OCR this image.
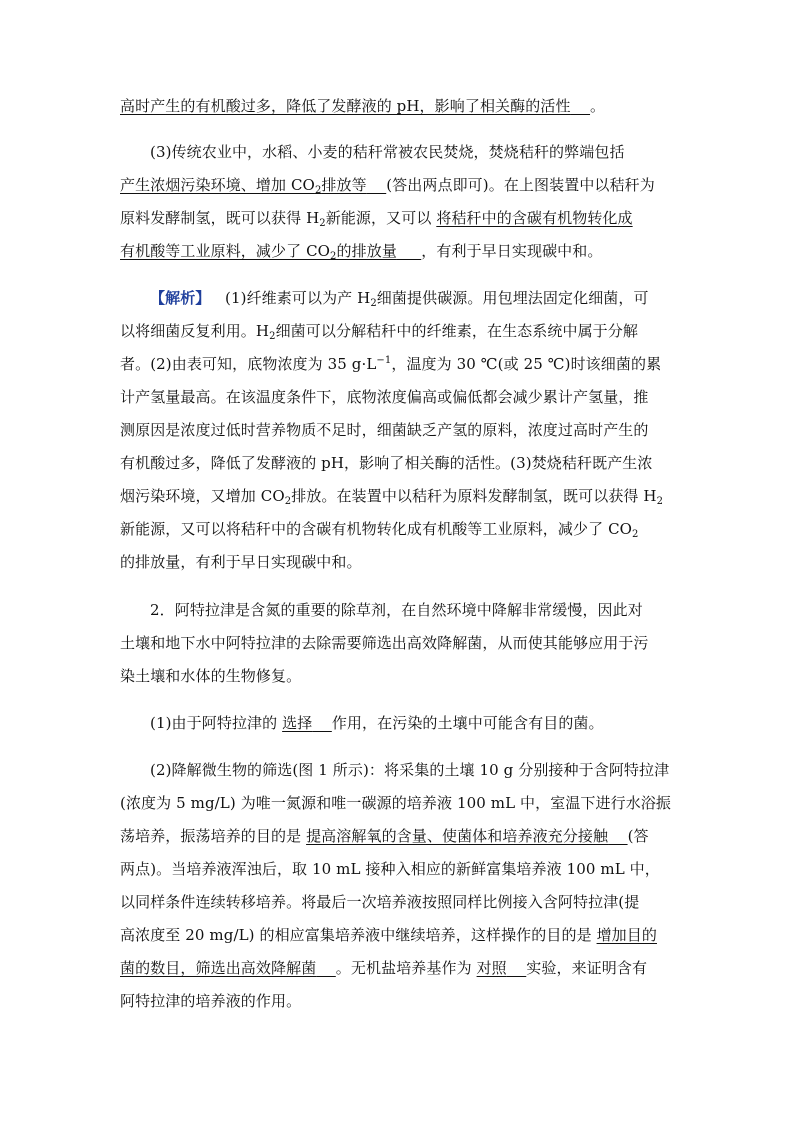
高时产生的有机酸过多，降低了发酵液的 pH，影响了相关酶的活性 。
(3)传统农业中，水稻、小麦的秸秆常被农民焚烧，焚烧秸秆的弊端包括
产生浓烟污染环境、增加 $CO_2$排放等 (答出两点即可)。在上图装置中以秸秆为
原料发酵制氢，既可以获得 $H_2$新能源，又可以 将秸秆中的含碳有机物转化成
有机酸等工业原料，减少了 $CO_2$的排放量 ，有利于早日实现碳中和。
【解析】 (1)纤维素可以为产 $H_2$细菌提供碳源。用包埋法固定化细菌，可
以将细菌反复利用。$H_2$细菌可以分解秸秆中的纤维素，在生态系统中属于分解
者。(2)由表可知，底物浓度为 35 $g\cdot L^{-1}$，温度为 30 ℃(或 25 ℃)时该细菌的累
计产氢量最高。在该温度条件下，底物浓度偏高或偏低都会减少累计产氢量，推
测原因是浓度过低时营养物质不足时，细菌缺乏产氢的原料，浓度过高时产生的
有机酸过多，降低了发酵液的 pH，影响了相关酶的活性。(3)焚烧秸秆既产生浓
烟污染环境，又增加 $CO_2$排放。在装置中以秸秆为原料发酵制氢，既可以获得 $H_2$
新能源，又可以将秸秆中的含碳有机物转化成有机酸等工业原料，减少了 $CO_2$
的排放量，有利于早日实现碳中和。
2．阿特拉津是含氮的重要的除草剂，在自然环境中降解非常缓慢，因此对
土壤和地下水中阿特拉津的去除需要筛选出高效降解菌，从而使其能够应用于污
染土壤和水体的生物修复。
(1)由于阿特拉津的 选择 作用，在污染的土壤中可能含有目的菌。
(2)降解微生物的筛选(图 1 所示)：将采集的土壤 10 g 分别接种于含阿特拉津
(浓度为 5 mg/L) 为唯一氮源和唯一碳源的培养液 100 mL 中，室温下进行水浴振
荡培养，振荡培养的目的是 提高溶解氧的含量、使菌体和培养液充分接触 (答
两点)。当培养液浑浊后，取 10 mL 接种入相应的新鲜富集培养液 100 mL 中，
以同样条件连续转移培养。将最后一次培养液按照同样比例接入含阿特拉津(提
高浓度至 20 mg/L) 的相应富集培养液中继续培养，这样操作的目的是 增加目的
菌的数目，筛选出高效降解菌 。无机盐培养基作为 对照 实验，来证明含有
阿特拉津的培养液的作用。
